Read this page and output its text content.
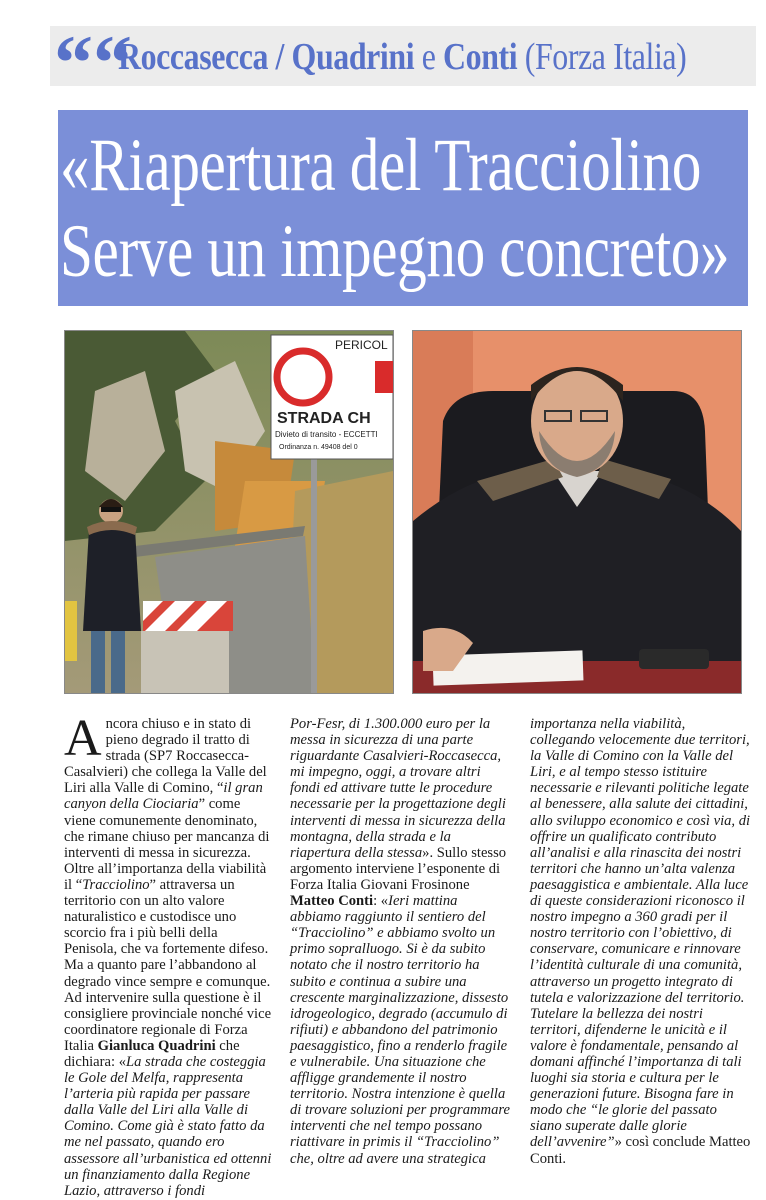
““
Roccasecca / Quadrini e Conti (Forza Italia)
«Riapertura del Tracciolino
Serve un impegno concreto»
PERICOL
STRADA CH
Divieto di transito - ECCETTI
Ordinanza n. 49408 del 0

Ancora chiuso e in stato di pieno degrado il tratto di strada (SP7 Roccasecca- Casalvieri) che collega la Valle del Liri alla Valle di Comino, “il gran canyon della Ciociaria” come viene comunemente denominato, che rimane chiuso per mancanza di interventi di messa in sicurezza. Oltre all’importanza della viabilità il “Tracciolino” attraversa un territorio con un alto valore naturalistico e custodisce uno scorcio fra i più belli della Penisola, che va fortemente difeso. Ma a quanto pare l’abbandono al degrado vince sempre e comunque. Ad intervenire sulla questione è il consigliere provinciale nonché vice coordinatore regionale di Forza Italia Gianluca Quadrini che dichiara: «La strada che costeggia le Gole del Melfa, rappresenta l’arteria più rapida per passare dalla Valle del Liri alla Valle di Comino. Come già è stato fatto da me nel passato, quando ero assessore all’urbanistica ed ottenni un finanziamento dalla Regione Lazio, attraverso i fondi

Por-Fesr, di 1.300.000 euro per la messa in sicurezza di una parte riguardante Casalvieri-Roccasecca, mi impegno, oggi, a trovare altri fondi ed attivare tutte le procedure necessarie per la progettazione degli interventi di messa in sicurezza della montagna, della strada e la riapertura della stessa». Sullo stesso argomento interviene l’esponente di Forza Italia Giovani Frosinone Matteo Conti: «Ieri mattina abbiamo raggiunto il sentiero del “Tracciolino” e abbiamo svolto un primo sopralluogo. Si è da subito notato che il nostro territorio ha subito e continua a subire una crescente marginalizzazione, dissesto idrogeologico, degrado (accumulo di rifiuti) e abbandono del patrimonio paesaggistico, fino a renderlo fragile e vulnerabile. Una situazione che affligge grandemente il nostro territorio. Nostra intenzione è quella di trovare soluzioni per programmare interventi che nel tempo possano riattivare in primis il “Tracciolino” che, oltre ad avere una strategica

importanza nella viabilità, collegando velocemente due territori, la Valle di Comino con la Valle del Liri, e al tempo stesso istituire necessarie e rilevanti politiche legate al benessere, alla salute dei cittadini, allo sviluppo economico e così via, di offrire un qualificato contributo all’analisi e alla rinascita dei nostri territori che hanno un’alta valenza paesaggistica e ambientale. Alla luce di queste considerazioni riconosco il nostro impegno a 360 gradi per il nostro territorio con l’obiettivo, di conservare, comunicare e rinnovare l’identità culturale di una comunità, attraverso un progetto integrato di tutela e valorizzazione del territorio. Tutelare la bellezza dei nostri territori, difenderne le unicità e il valore è fondamentale, pensando al domani affinché l’importanza di tali luoghi sia storia e cultura per le generazioni future. Bisogna fare in modo che “le glorie del passato siano superate dalle glorie dell’avvenire”» così conclude Matteo Conti.
